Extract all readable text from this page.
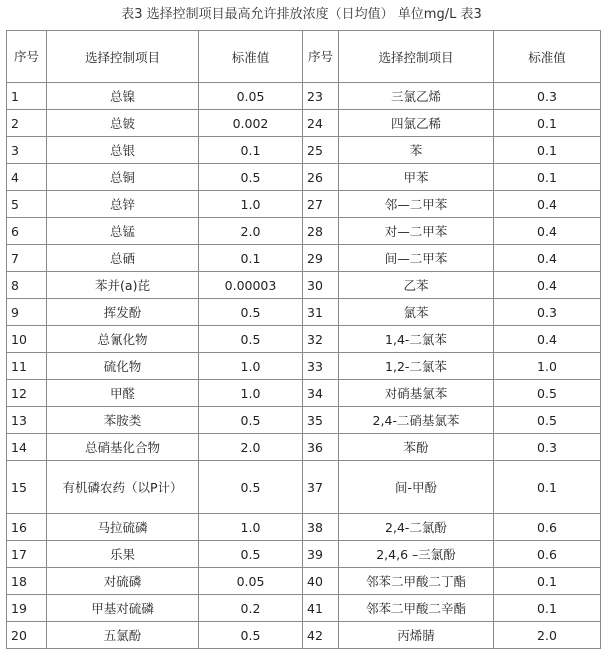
表3 选择控制项目最高允许排放浓度（日均值） 单位mg/L 表3
序号	选择控制项目	标准值	序号	选择控制项目	标准值
1	总镍	0.05	23	三氯乙烯	0.3
2	总铍	0.002	24	四氯乙稀	0.1
3	总银	0.1	25	苯	0.1
4	总铜	0.5	26	甲苯	0.1
5	总锌	1.0	27	邻—二甲苯	0.4
6	总锰	2.0	28	对—二甲苯	0.4
7	总硒	0.1	29	间—二甲苯	0.4
8	苯并(a)芘	0.00003	30	乙苯	0.4
9	挥发酚	0.5	31	氯苯	0.3
10	总氰化物	0.5	32	1,4-二氯苯	0.4
11	硫化物	1.0	33	1,2-二氯苯	1.0
12	甲醛	1.0	34	对硝基氯苯	0.5
13	苯胺类	0.5	35	2,4-二硝基氯苯	0.5
14	总硝基化合物	2.0	36	苯酚	0.3
15	有机磷农药（以P计）	0.5	37	间-甲酚	0.1
16	马拉硫磷	1.0	38	2,4-二氯酚	0.6
17	乐果	0.5	39	2,4,6 –三氯酚	0.6
18	对硫磷	0.05	40	邻苯二甲酸二丁酯	0.1
19	甲基对硫磷	0.2	41	邻苯二甲酸二辛酯	0.1
20	五氯酚	0.5	42	丙烯腈	2.0
